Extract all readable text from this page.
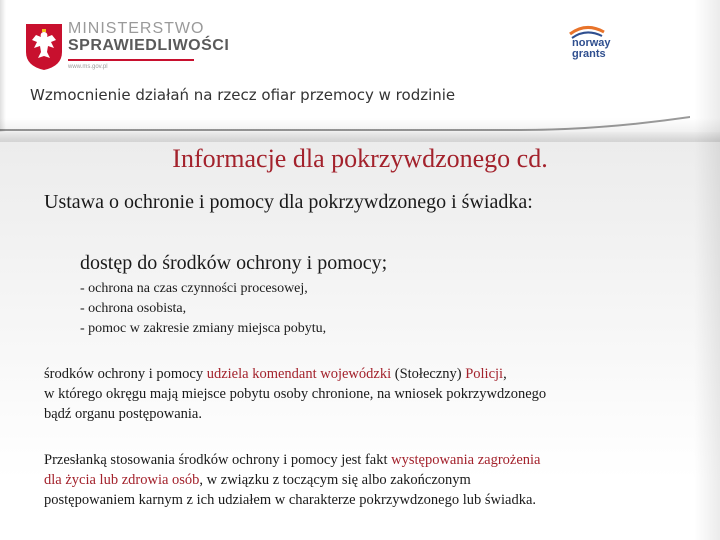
MINISTERSTWO
SPRAWIEDLIWOŚCI
www.ms.gov.pl
norway
grants
Wzmocnienie działań na rzecz ofiar przemocy w rodzinie
Informacje dla pokrzywdzonego cd.
Ustawa o ochronie i pomocy dla pokrzywdzonego i świadka:
dostęp do środków ochrony i pomocy;
- ochrona na czas czynności procesowej,
- ochrona osobista,
- pomoc w zakresie zmiany miejsca pobytu,
środków ochrony i pomocy udziela komendant wojewódzki (Stołeczny) Policji,
w którego okręgu mają miejsce pobytu osoby chronione, na wniosek pokrzywdzonego
bądź organu postępowania.
Przesłanką stosowania środków ochrony i pomocy jest fakt występowania zagrożenia
dla życia lub zdrowia osób, w związku z toczącym się albo zakończonym
postępowaniem karnym z ich udziałem w charakterze pokrzywdzonego lub świadka.
